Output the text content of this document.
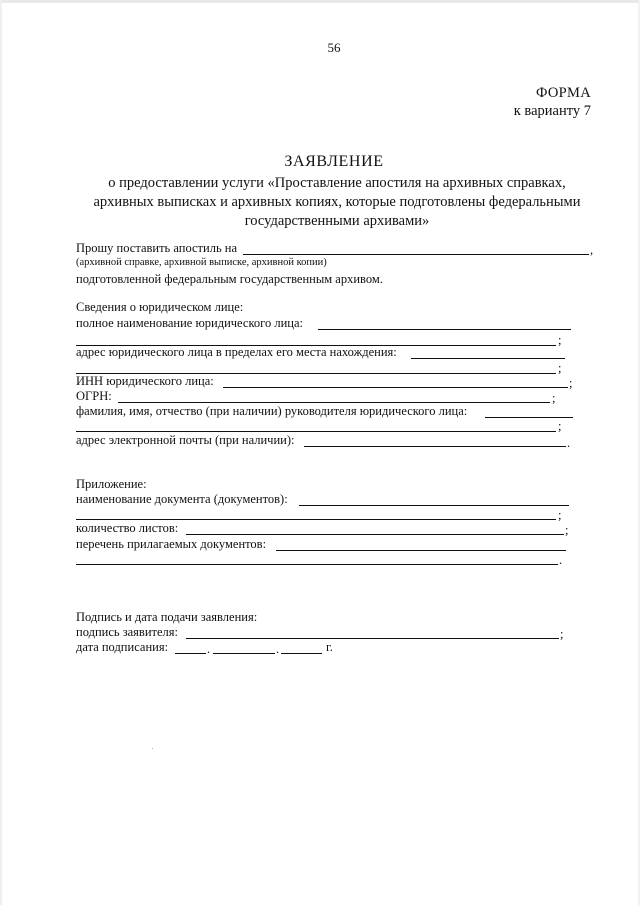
56
ФОРМА
к варианту 7
ЗАЯВЛЕНИЕ
о предоставлении услуги «Проставление апостиля на архивных справках,
архивных выписках и архивных копиях, которые подготовлены федеральными
государственными архивами»
Прошу поставить апостиль на	,
(архивной справке, архивной выписке, архивной копии)
подготовленной федеральным государственным архивом.
Сведения о юридическом лице:
полное наименование юридического лица:
;
адрес юридического лица в пределах его места нахождения:
;
ИНН юридического лица:	;
ОГРН:	;
фамилия, имя, отчество (при наличии) руководителя юридического лица:
;
адрес электронной почты (при наличии):	.
Приложение:
наименование документа (документов):
;
количество листов:	;
перечень прилагаемых документов:
.
Подпись и дата подачи заявления:
подпись заявителя:	;
дата подписания:	.	.	г.
